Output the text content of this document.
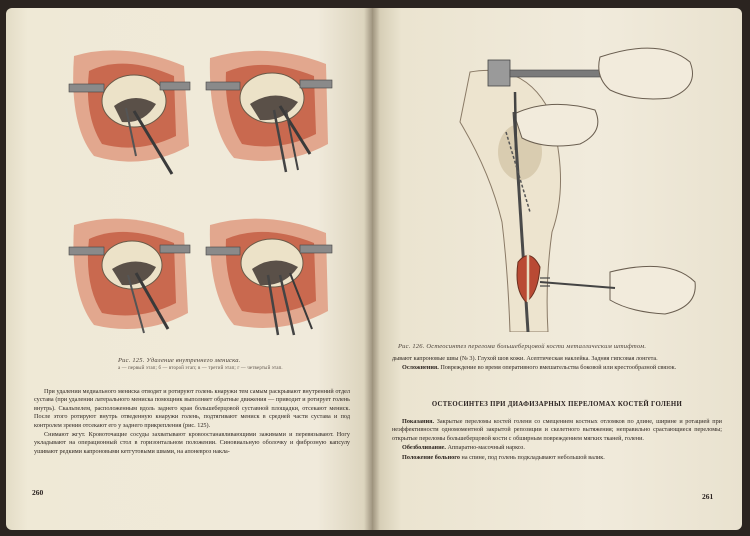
Рис. 125. Удаление внутреннего мениска.
а — первый этап; б — второй этап; в — третий этап; г — четвертый этап.

При удалении медиального мениска отводят и ротируют голень кнаружи тем самым раскрывают внутренний отдел сустава (при удалении латерального мениска помощник выполняет обратные движения — приводит и ротирует голень внутрь). Скальпелем, расположенным вдоль заднего края большеберцовой суставной площадки, отсекают мениск. После этого ротируют внутрь отведенную кнаружи голень, подтягивают мениск в средней части сустава и под контролем зрения отсекают его у заднего прикрепления (рис. 125).

Снимают жгут. Кровоточащие сосуды захватывают кровоостанавливающими зажимами и перевязывают. Ногу укладывают на операционный стол в горизонтальном положении. Синовиальную оболочку и фиброзную капсулу ушивают редкими капроновыми кетгутовыми швами, на апоневроз накла-

260
Рис. 126. Остеосинтез перелома большеберцовой кости металлическим штифтом.

дывают капроновые швы (№ 3). Глухой шов кожи. Асептическая наклейка. Задняя гипсовая лонгета.

Осложнения. Повреждение во время оперативного вмешательства боковой или крестообразной связок.

ОСТЕОСИНТЕЗ ПРИ ДИАФИЗАРНЫХ ПЕРЕЛОМАХ КОСТЕЙ ГОЛЕНИ

Показания. Закрытые переломы костей голени со смещением костных отломков по длине, ширине и ротацией при неэффективности одномоментной закрытой репозиции и скелетного вытяжения; неправильно срастающиеся переломы; открытые переломы большеберцовой кости с обширным повреждением мягких тканей, голени.

Обезболивание. Аппаратно-масочный наркоз.

Положение больного на спине, под голень подкладывают небольшой валик.

261
